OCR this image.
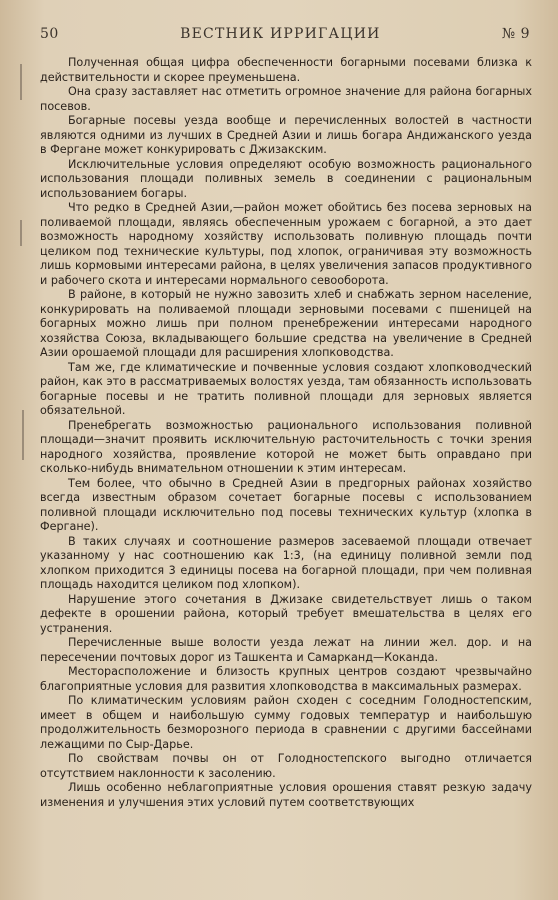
50	ВЕСТНИК ИРРИГАЦИИ	№ 9

Полученная общая цифра обеспеченности богарными посевами близка к действительности и скорее преуменьшена.

Она сразу заставляет нас отметить огромное значение для района богарных посевов.

Богарные посевы уезда вообще и перечисленных волостей в частности являются одними из лучших в Средней Азии и лишь богара Андижанского уезда в Фергане может конкурировать с Джизакским.

Исключительные условия определяют особую возможность рационального использования площади поливных земель в соединении с рациональным использованием богары.

Что редко в Средней Азии,—район может обойтись без посева зерновых на поливаемой площади, являясь обеспеченным урожаем с богарной, а это дает возможность народному хозяйству использовать поливную площадь почти целиком под технические культуры, под хлопок, ограничивая эту возможность лишь кормовыми интересами района, в целях увеличения запасов продуктивного и рабочего скота и интересами нормального севооборота.

В районе, в который не нужно завозить хлеб и снабжать зерном население, конкурировать на поливаемой площади зерновыми посевами с пшеницей на богарных можно лишь при полном пренебрежении интересами народного хозяйства Союза, вкладывающего большие средства на увеличение в Средней Азии орошаемой площади для расширения хлопководства.

Там же, где климатические и почвенные условия создают хлопководческий район, как это в рассматриваемых волостях уезда, там обязанность использовать богарные посевы и не тратить поливной площади для зерновых является обязательной.

Пренебрегать возможностью рационального использования поливной площади—значит проявить исключительную расточительность с точки зрения народного хозяйства, проявление которой не может быть оправдано при сколько-нибудь внимательном отношении к этим интересам.

Тем более, что обычно в Средней Азии в предгорных районах хозяйство всегда известным образом сочетает богарные посевы с использованием поливной площади исключительно под посевы технических культур (хлопка в Фергане).

В таких случаях и соотношение размеров засеваемой площади отвечает указанному у нас соотношению как 1:3, (на единицу поливной земли под хлопком приходится 3 единицы посева на богарной площади, при чем поливная площадь находится целиком под хлопком).

Нарушение этого сочетания в Джизаке свидетельствует лишь о таком дефекте в орошении района, который требует вмешательства в целях его устранения.

Перечисленные выше волости уезда лежат на линии жел. дор. и на пересечении почтовых дорог из Ташкента и Самарканд—Коканда.

Месторасположение и близость крупных центров создают чрезвычайно благоприятные условия для развития хлопководства в максимальных размерах.

По климатическим условиям район сходен с соседним Голодностепским, имеет в общем и наибольшую сумму годовых температур и наибольшую продолжительность безморозного периода в сравнении с другими бассейнами лежащими по Сыр-Дарье.

По свойствам почвы он от Голодностепского выгодно отличается отсутствием наклонности к засолению.

Лишь особенно неблагоприятные условия орошения ставят резкую задачу изменения и улучшения этих условий путем соответствующих
